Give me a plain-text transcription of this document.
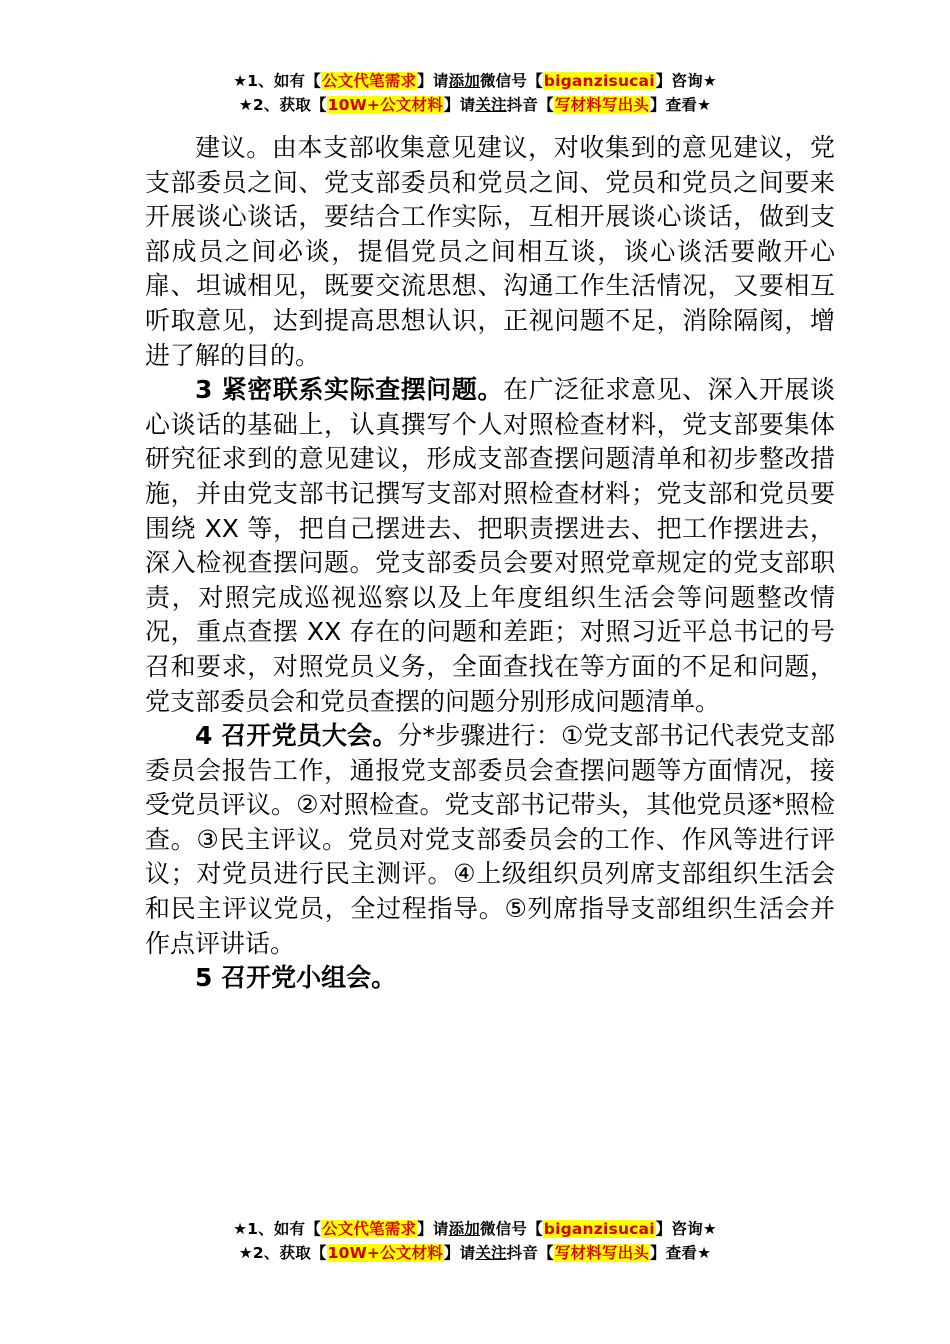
★1、如有【公文代笔需求】请添加微信号【biganzisucai】咨询★
★2、获取【10W+公文材料】请关注抖音【写材料写出头】查看★

建议。由本支部收集意见建议，对收集到的意见建议，党支部委员之间、党支部委员和党员之间、党员和党员之间要来开展谈心谈话，要结合工作实际，互相开展谈心谈话，做到支部成员之间必谈，提倡党员之间相互谈，谈心谈活要敞开心扉、坦诚相见，既要交流思想、沟通工作生活情况，又要相互听取意见，达到提高思想认识，正视问题不足，消除隔阂，增进了解的目的。

3 紧密联系实际查摆问题。在广泛征求意见、深入开展谈心谈话的基础上，认真撰写个人对照检查材料，党支部要集体研究征求到的意见建议，形成支部查摆问题清单和初步整改措施，并由党支部书记撰写支部对照检查材料；党支部和党员要围绕 XX 等，把自己摆进去、把职责摆进去、把工作摆进去，深入检视查摆问题。党支部委员会要对照党章规定的党支部职责，对照完成巡视巡察以及上年度组织生活会等问题整改情况，重点查摆 XX 存在的问题和差距；对照习近平总书记的号召和要求，对照党员义务，全面查找在等方面的不足和问题，党支部委员会和党员查摆的问题分别形成问题清单。

4 召开党员大会。分*步骤进行：①党支部书记代表党支部委员会报告工作，通报党支部委员会查摆问题等方面情况，接受党员评议。②对照检查。党支部书记带头，其他党员逐*照检查。③民主评议。党员对党支部委员会的工作、作风等进行评议；对党员进行民主测评。④上级组织员列席支部组织生活会和民主评议党员，全过程指导。⑤列席指导支部组织生活会并作点评讲话。

5 召开党小组会。

★1、如有【公文代笔需求】请添加微信号【biganzisucai】咨询★
★2、获取【10W+公文材料】请关注抖音【写材料写出头】查看★
